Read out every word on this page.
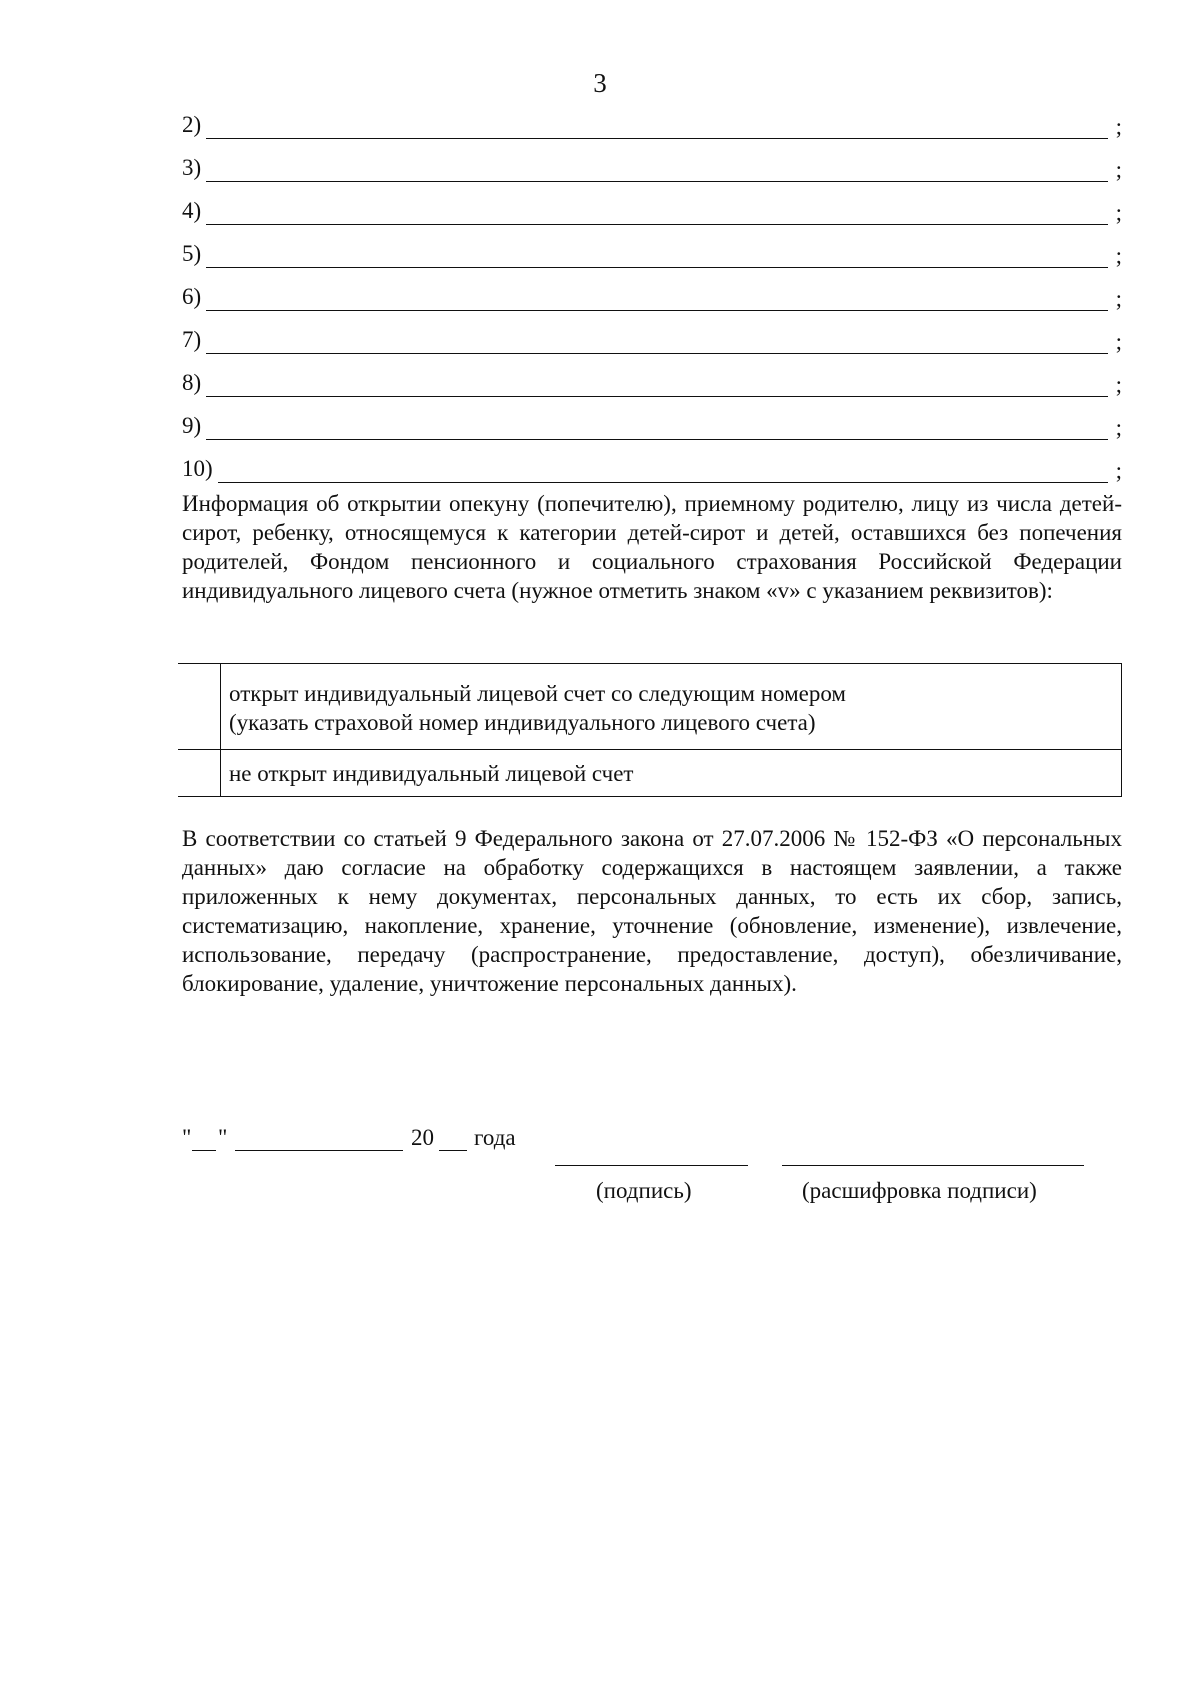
3
2)	;
3)	;
4)	;
5)	;
6)	;
7)	;
8)	;
9)	;
10)	;
Информация об открытии опекуну (попечителю), приемному родителю, лицу из числа детей-сирот, ребенку, относящемуся к категории детей-сирот и детей, оставшихся без попечения родителей, Фондом пенсионного и социального страхования Российской Федерации индивидуального лицевого счета (нужное отметить знаком «v» с указанием реквизитов):

	открыт индивидуальный лицевой счет со следующим номером
(указать страховой номер индивидуального лицевого счета)

	не открыт индивидуальный лицевой счет
В соответствии со статьей 9 Федерального закона от 27.07.2006 № 152-ФЗ «О персональных данных» даю согласие на обработку содержащихся в настоящем заявлении, а также приложенных к нему документах, персональных данных, то есть их сбор, запись, систематизацию, накопление, хранение, уточнение (обновление, изменение), извлечение, использование, передачу (распространение, предоставление, доступ), обезличивание, блокирование, удаление, уничтожение персональных данных).
" "	20 года
(подпись)	(расшифровка подписи)
